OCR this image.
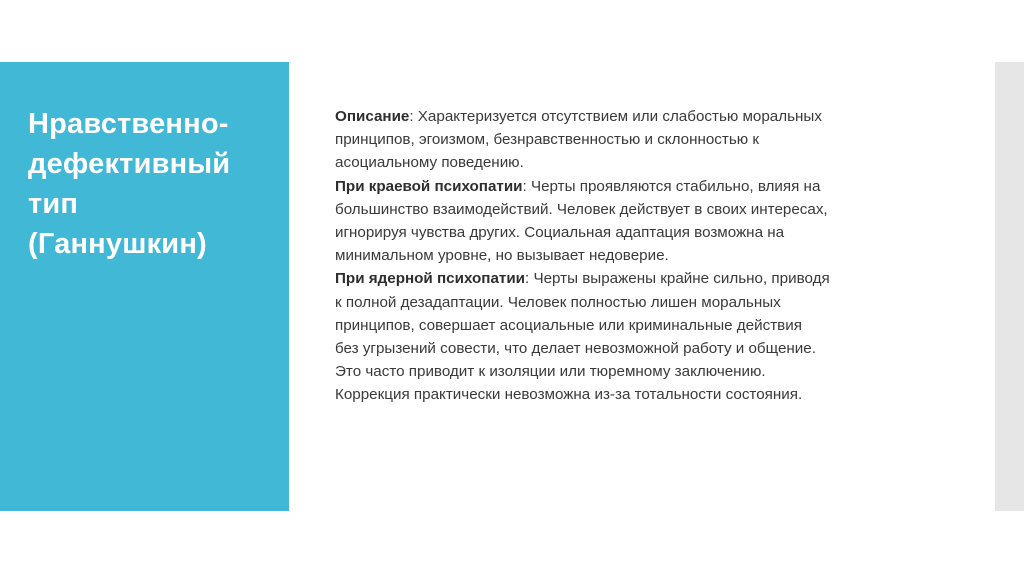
Нравственно-
дефективный
тип
(Ганнушкин)

Описание: Характеризуется отсутствием или слабостью моральных
принципов, эгоизмом, безнравственностью и склонностью к
асоциальному поведению.

При краевой психопатии: Черты проявляются стабильно, влияя на
большинство взаимодействий. Человек действует в своих интересах,
игнорируя чувства других. Социальная адаптация возможна на
минимальном уровне, но вызывает недоверие.

При ядерной психопатии: Черты выражены крайне сильно, приводя
к полной дезадаптации. Человек полностью лишен моральных
принципов, совершает асоциальные или криминальные действия
без угрызений совести, что делает невозможной работу и общение.
Это часто приводит к изоляции или тюремному заключению.
Коррекция практически невозможна из-за тотальности состояния.
